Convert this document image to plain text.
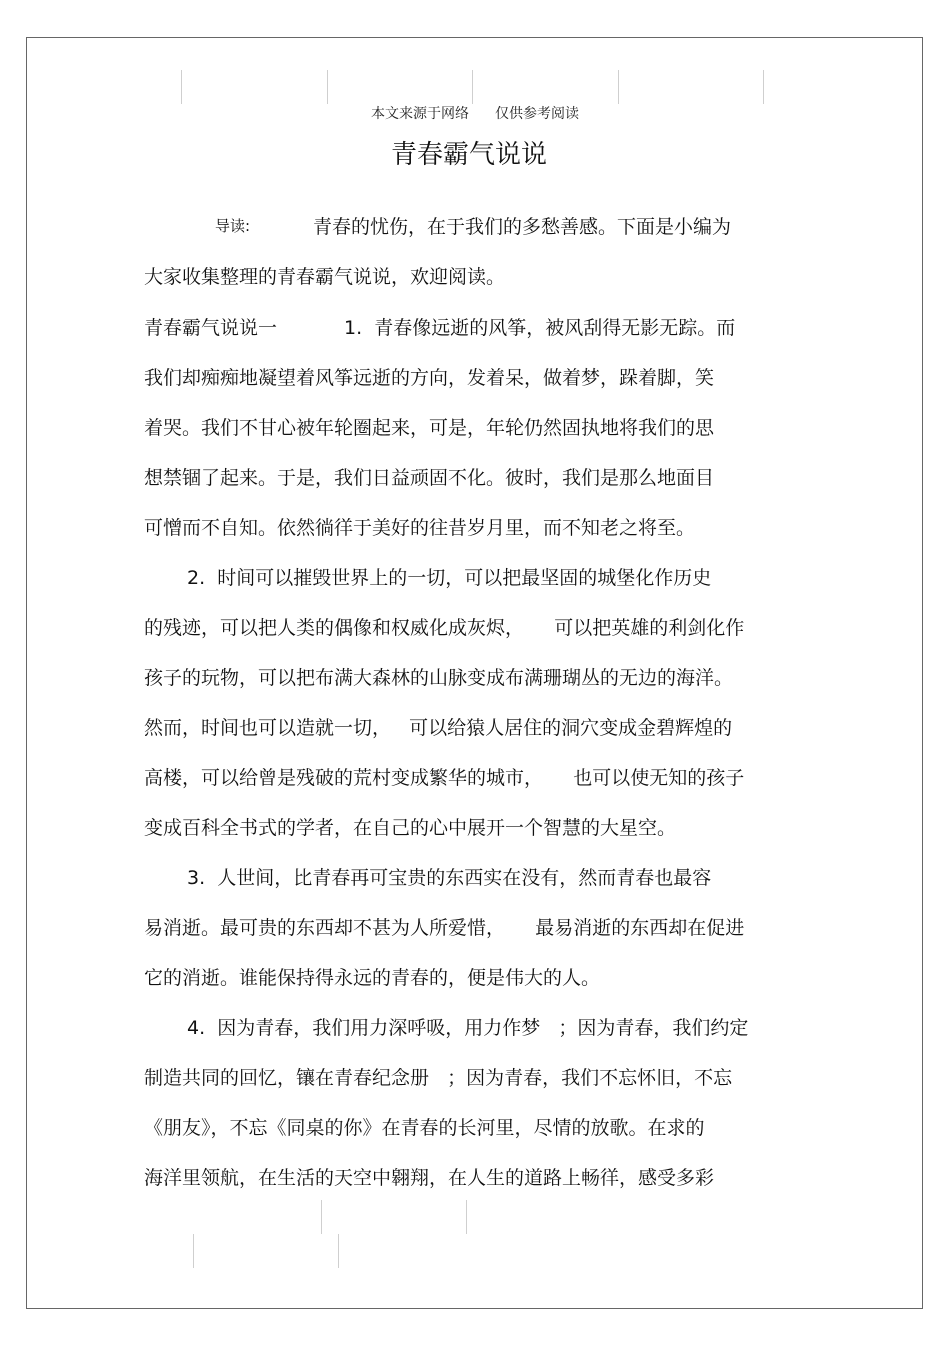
本文来源于网络 仅供参考阅读
青春霸气说说
导读:	青春的忧伤，在于我们的多愁善感。下面是小编为
大家收集整理的青春霸气说说，欢迎阅读。
青春霸气说说一	1.  青春像远逝的风筝，被风刮得无影无踪。而
我们却痴痴地凝望着风筝远逝的方向，发着呆，做着梦，跺着脚，笑
着哭。我们不甘心被年轮圈起来，可是，年轮仍然固执地将我们的思
想禁锢了起来。于是，我们日益顽固不化。彼时，我们是那么地面目
可憎而不自知。依然徜徉于美好的往昔岁月里，而不知老之将至。
2.  时间可以摧毁世界上的一切，可以把最坚固的城堡化作历史
的残迹，可以把人类的偶像和权威化成灰烬，     可以把英雄的利剑化作
孩子的玩物，可以把布满大森林的山脉变成布满珊瑚丛的无边的海洋。
然而，时间也可以造就一切，   可以给猿人居住的洞穴变成金碧辉煌的
高楼，可以给曾是残破的荒村变成繁华的城市，     也可以使无知的孩子
变成百科全书式的学者，在自己的心中展开一个智慧的大星空。
3.  人世间，比青春再可宝贵的东西实在没有，然而青春也最容
易消逝。最可贵的东西却不甚为人所爱惜，     最易消逝的东西却在促进
它的消逝。谁能保持得永远的青春的，便是伟大的人。
4.  因为青春，我们用力深呼吸，用力作梦   ；因为青春，我们约定
制造共同的回忆，镶在青春纪念册   ；因为青春，我们不忘怀旧，不忘
《朋友》，不忘《同桌的你》在青春的长河里，尽情的放歌。在求的
海洋里领航，在生活的天空中翱翔，在人生的道路上畅徉，感受多彩
